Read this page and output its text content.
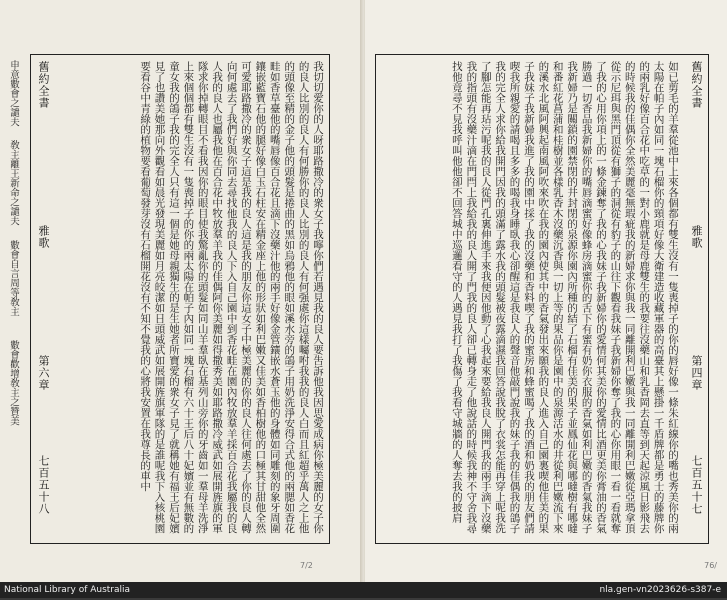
舊約全書
雅歌
第六章
七百五十八	我切切愛你的人呀耶路撒冷的衆女子我嚀你們若遇見我的良人要吿訴他我因思愛成病你極美麗的女子你的良人比別的良人有何勝你的良人比別的良人有何强處你這樣囑咐我我的良人白而且紅超乎萬人之上他的頭像至精的金子他的頭髮是捲曲的黑如烏鴉他的眼如溪水旁的鴿子用奶洗淨安得合式他的兩腮如香花畦如香草臺他的嘴唇像百合花且滴下沒藥汁他的兩手好像金管鑲嵌水蒼玉他的身體如同雕刻的象牙周圍鑲嵌藍寶石他的腿好像白玉石柱安在精金座上他的形狀如利巴嫩又佳美如香柏樹他的口極其甘甜他全然可愛耶路撒冷的衆女子這是我的良人這是我的朋友你這女子中極美麗的你的良人往何處去了你的良人轉向何處去了我們好與你同去尋找他我的良人下入自己園中到香花畦在園內牧放羣羊採百合花我屬我的良人我的良人也屬我他在百合花中牧放羣羊我的佳偶阿你美麗如得撒秀美如耶路撒冷威武如展開旌旗的軍隊求你掉轉眼目不看我因你的眼目使我驚亂你的頭髮如同山羊羣臥在基列山旁你的牙齒如一羣母羊洗淨上來個個都有雙生沒有一隻喪掉子的你的兩太陽在帕子內如同一塊石榴有六十王后八十妃嬪並有無數的童女我的鴿子我的完全人只有這一個是她母親獨生的是生她者所寶愛的衆女子見了就稱她有福王后妃嬪見了也讚美她那向外觀看如晨光發現美麗如月亮皎潔如日頭威武如展開旌旗軍隊的是誰呢我下入核桃園要看谷中青綠的植物要看葡萄發芽沒有石榴開花沒有不知不覺我的心將我安置在我尊長的車中
申意數會之譴夫
敎主離王新命之譴夫
數會自言周等敎主
數會歡增敎主之贊美
7/2
舊約全書
雅歌
第四章
七百五十七
如已剪毛的羊羣從池中上來各個都有雙生沒有一隻喪掉子的你的唇好像一條朱紅線你的嘴也秀美你的兩太陽在帕子內如同一塊石榴你的頸項好像大衛建造收藏軍器的高臺其上懸掛一千盾牌都是勇士的藤牌你的兩乳好像百合花中吃草的一對小鹿就是母鹿雙生的我要往沒藥山和乳香岡去直等到天起涼風日影飛去的時候我的佳偶你全然美麗毫無瑕疵我的新婦求你與我一同離開利巴嫩與我一同離開利巴嫩從亞瑪拿頂從示尼珥與黑門頂從有獅子的洞從有豹子的山往下觀看我妹子我新婦你奪了我的心你用眼一看一看就奪了我的心用你項上的一條金鍊奪了我的心我妹子我新婦你的愛情何其美你的愛情比酒更美你膏油的香氣勝過一切香品我新婦你的嘴唇滴蜜好像蜂房滴蜜你的舌下有蜜有奶你衣服的香氣如利巴嫩的香氣我妹子我新婦乃是關鎖的園禁閉的井封閉的泉源你園內所種的結了石榴有佳美的果子並鳳仙花與哪噠樹有哪噠和番紅花菖蒲和桂樹並各樣乳香木沒藥沉香與一切上等的果品你是園中的泉源活水的井從利巴嫩流下來的溪水北風阿興起南風阿吹來吹在我的園內使其中的香氣發出來願我的良人進入自己園裏喫他佳美的果子我妹子我新婦我進了我的園中採了我的沒藥和香料喫了我的蜜房和蜂蜜喝了我的酒和奶我的朋友們請喫我所親愛的請喝且多多的喝我身睡臥我心卻醒這是我良人的聲音他敲門說我的妹子我的佳偶我的鴿子我的完全人求你給我開門因我的頭滿了露水我的頭髮被夜露滴濕我回答說我脫了衣裳怎能再穿上呢我洗了腳怎能再玷污呢我的良人從門孔裏伸進手來我便因他動了心我起來要給我良人開門我的兩手滴下沒藥我的指頭有沒藥汁滴在門閂上我給我的良人開了門我的良人卻已轉身走了他說話的時候我神不守舍我尋找他竟尋不見我呼叫他他卻不回答城中巡邏看守的人遇見我打了我傷了我看守城牆的人奪去我的披肩
76/
National Library of Australia	nla.gen-vn2023626-s387-e
